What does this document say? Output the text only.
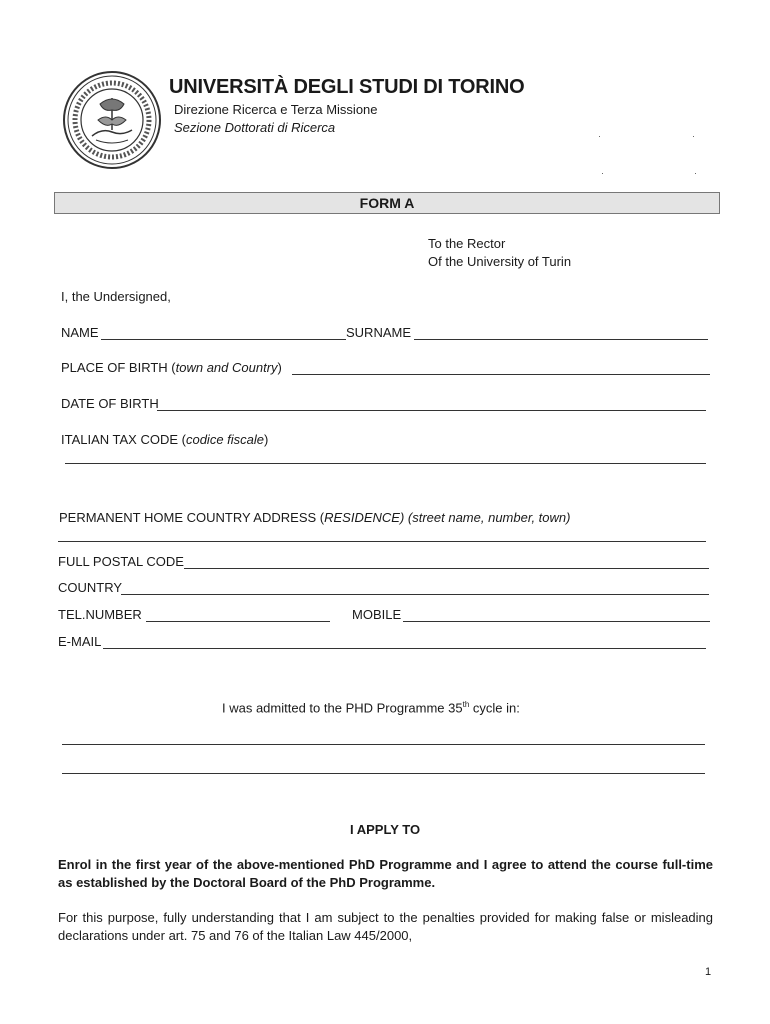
UNIVERSITÀ DEGLI STUDI DI TORINO
Direzione Ricerca e Terza Missione
Sezione Dottorati di Ricerca
FORM A
To the Rector
Of the University of Turin
I, the Undersigned,
NAME	SURNAME
PLACE OF BIRTH (town and Country)
DATE OF BIRTH
ITALIAN TAX CODE (codice fiscale)
PERMANENT HOME COUNTRY ADDRESS (RESIDENCE) (street name, number, town)
FULL POSTAL CODE
COUNTRY
TEL.NUMBER	MOBILE
E-MAIL
I was admitted to the PHD Programme 35th cycle in:
I APPLY TO
Enrol in the first year of the above-mentioned PhD Programme and I agree to attend the course full-time as established by the Doctoral Board of the PhD Programme.
For this purpose, fully understanding that I am subject to the penalties provided for making false or misleading declarations under art. 75 and 76 of the Italian Law 445/2000,
1
